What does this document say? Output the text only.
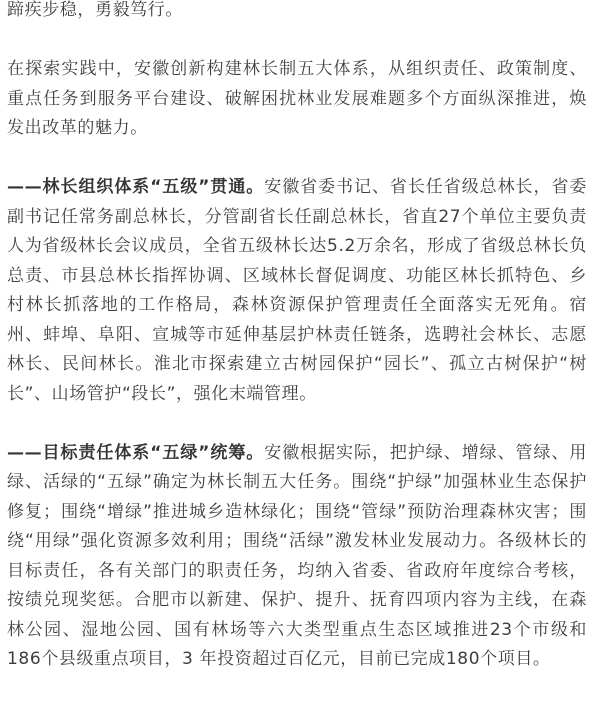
蹄疾步稳，勇毅笃行。

在探索实践中，安徽创新构建林长制五大体系，从组织责任、政策制度、重点任务到服务平台建设、破解困扰林业发展难题多个方面纵深推进，焕发出改革的魅力。

——林长组织体系“五级”贯通。安徽省委书记、省长任省级总林长，省委副书记任常务副总林长，分管副省长任副总林长，省直27个单位主要负责人为省级林长会议成员，全省五级林长达5.2万余名，形成了省级总林长负总责、市县总林长指挥协调、区域林长督促调度、功能区林长抓特色、乡村林长抓落地的工作格局，森林资源保护管理责任全面落实无死角。宿州、蚌埠、阜阳、宣城等市延伸基层护林责任链条，选聘社会林长、志愿林长、民间林长。淮北市探索建立古树园保护“园长”、孤立古树保护“树长”、山场管护“段长”，强化末端管理。

——目标责任体系“五绿”统筹。安徽根据实际，把护绿、增绿、管绿、用绿、活绿的“五绿”确定为林长制五大任务。围绕“护绿”加强林业生态保护修复；围绕“增绿”推进城乡造林绿化；围绕“管绿”预防治理森林灾害；围绕“用绿”强化资源多效利用；围绕“活绿”激发林业发展动力。各级林长的目标责任，各有关部门的职责任务，均纳入省委、省政府年度综合考核，按绩兑现奖惩。合肥市以新建、保护、提升、抚育四项内容为主线，在森林公园、湿地公园、国有林场等六大类型重点生态区域推进23个市级和186个县级重点项目，3 年投资超过百亿元，目前已完成180个项目。
